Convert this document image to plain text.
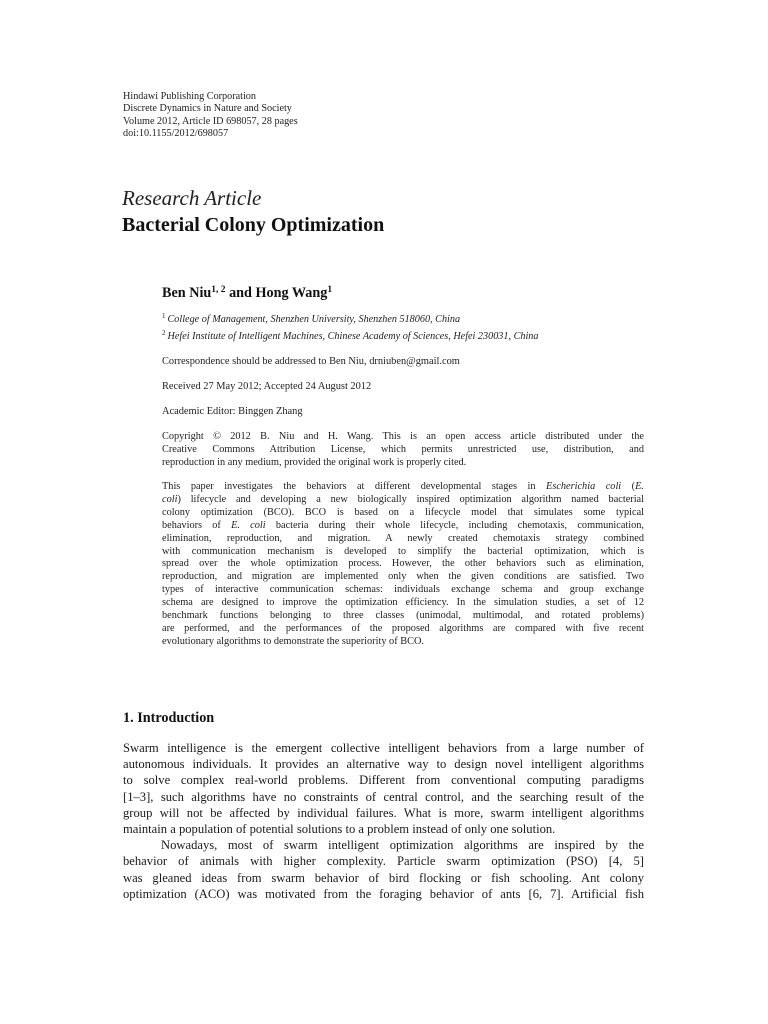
Hindawi Publishing Corporation
Discrete Dynamics in Nature and Society
Volume 2012, Article ID 698057, 28 pages
doi:10.1155/2012/698057
Research Article
Bacterial Colony Optimization
Ben Niu$^{1, 2}$ and Hong Wang$^1$
$^1$ College of Management, Shenzhen University, Shenzhen 518060, China
$^2$ Hefei Institute of Intelligent Machines, Chinese Academy of Sciences, Hefei 230031, China
Correspondence should be addressed to Ben Niu, drniuben@gmail.com
Received 27 May 2012; Accepted 24 August 2012
Academic Editor: Binggen Zhang
Copyright © 2012 B. Niu and H. Wang. This is an open access article distributed under the
Creative Commons Attribution License, which permits unrestricted use, distribution, and
reproduction in any medium, provided the original work is properly cited.
This paper investigates the behaviors at different developmental stages in Escherichia coli (E.
coli) lifecycle and developing a new biologically inspired optimization algorithm named bacterial
colony optimization (BCO). BCO is based on a lifecycle model that simulates some typical
behaviors of E. coli bacteria during their whole lifecycle, including chemotaxis, communication,
elimination, reproduction, and migration. A newly created chemotaxis strategy combined
with communication mechanism is developed to simplify the bacterial optimization, which is
spread over the whole optimization process. However, the other behaviors such as elimination,
reproduction, and migration are implemented only when the given conditions are satisfied. Two
types of interactive communication schemas: individuals exchange schema and group exchange
schema are designed to improve the optimization efficiency. In the simulation studies, a set of 12
benchmark functions belonging to three classes (unimodal, multimodal, and rotated problems)
are performed, and the performances of the proposed algorithms are compared with five recent
evolutionary algorithms to demonstrate the superiority of BCO.
1. Introduction
Swarm intelligence is the emergent collective intelligent behaviors from a large number of
autonomous individuals. It provides an alternative way to design novel intelligent algorithms
to solve complex real-world problems. Different from conventional computing paradigms
[1–3], such algorithms have no constraints of central control, and the searching result of the
group will not be affected by individual failures. What is more, swarm intelligent algorithms
maintain a population of potential solutions to a problem instead of only one solution.
Nowadays, most of swarm intelligent optimization algorithms are inspired by the
behavior of animals with higher complexity. Particle swarm optimization (PSO) [4, 5]
was gleaned ideas from swarm behavior of bird flocking or fish schooling. Ant colony
optimization (ACO) was motivated from the foraging behavior of ants [6, 7]. Artificial fish
